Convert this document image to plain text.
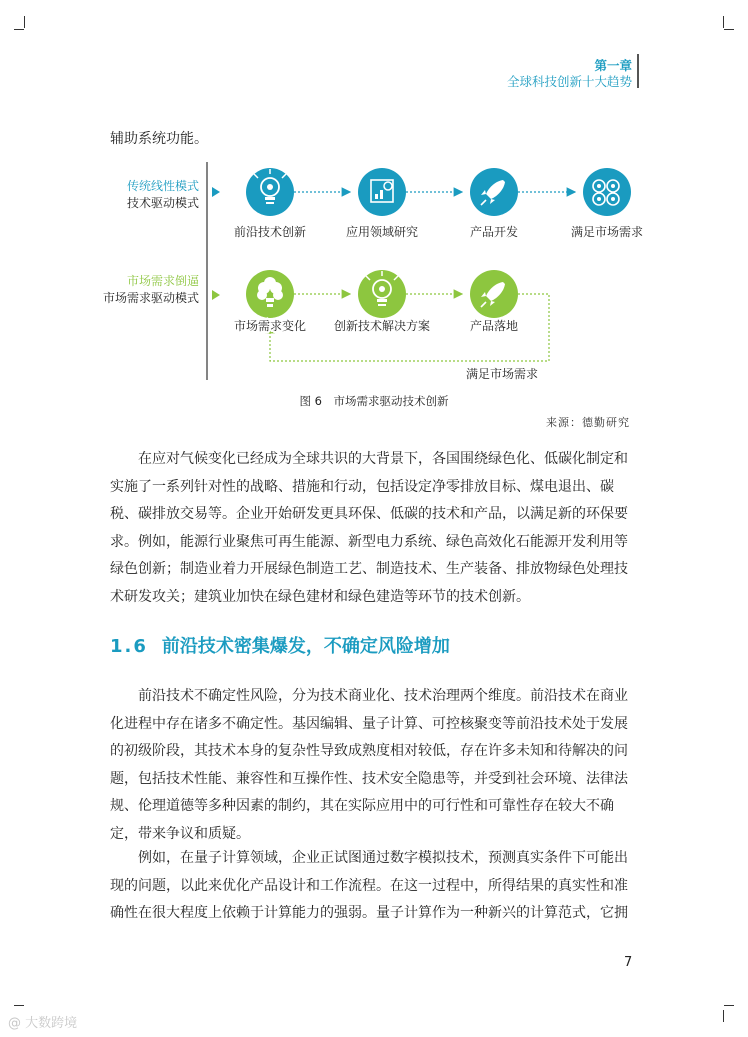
第一章
全球科技创新十大趋势
辅助系统功能。
传统线性模式
技术驱动模式
市场需求倒逼
市场需求驱动模式
前沿技术创新	应用领域研究	产品开发	满足市场需求
市场需求变化 创新技术解决方案	产品落地
满足市场需求
图 6　市场需求驱动技术创新
来源：德勤研究
在应对气候变化已经成为全球共识的大背景下，各国围绕绿色化、低碳化制定和实施了一系列针对性的战略、措施和行动，包括设定净零排放目标、煤电退出、碳税、碳排放交易等。企业开始研发更具环保、低碳的技术和产品，以满足新的环保要求。例如，能源行业聚焦可再生能源、新型电力系统、绿色高效化石能源开发利用等绿色创新；制造业着力开展绿色制造工艺、制造技术、生产装备、排放物绿色处理技术研发攻关；建筑业加快在绿色建材和绿色建造等环节的技术创新。
1.6 前沿技术密集爆发，不确定风险增加
前沿技术不确定性风险，分为技术商业化、技术治理两个维度。前沿技术在商业化进程中存在诸多不确定性。基因编辑、量子计算、可控核聚变等前沿技术处于发展的初级阶段，其技术本身的复杂性导致成熟度相对较低，存在许多未知和待解决的问题，包括技术性能、兼容性和互操作性、技术安全隐患等，并受到社会环境、法律法规、伦理道德等多种因素的制约，其在实际应用中的可行性和可靠性存在较大不确定，带来争议和质疑。
例如，在量子计算领域，企业正试图通过数字模拟技术，预测真实条件下可能出现的问题，以此来优化产品设计和工作流程。在这一过程中，所得结果的真实性和准确性在很大程度上依赖于计算能力的强弱。量子计算作为一种新兴的计算范式，它拥
7
@ 大数跨境
